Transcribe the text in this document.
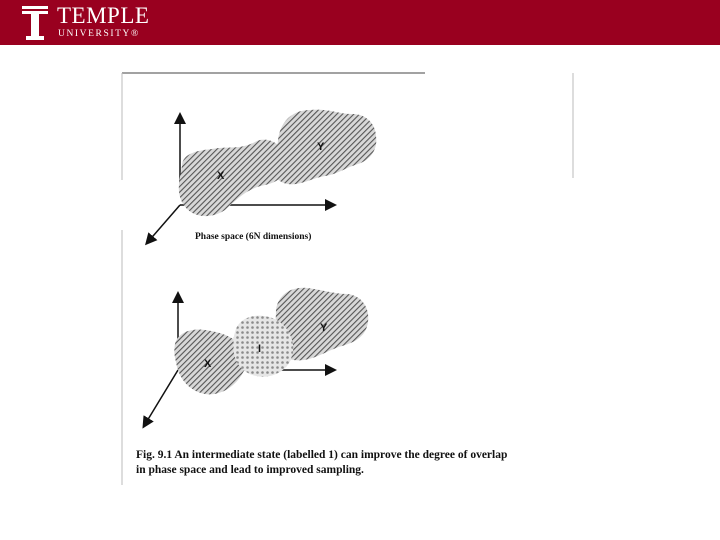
TEMPLE
UNIVERSITY®
X
Y
Phase space (6N dimensions)
X
I
Y
Fig. 9.1 An intermediate state (labelled 1) can improve the degree of overlap in phase space and lead to improved sampling.
